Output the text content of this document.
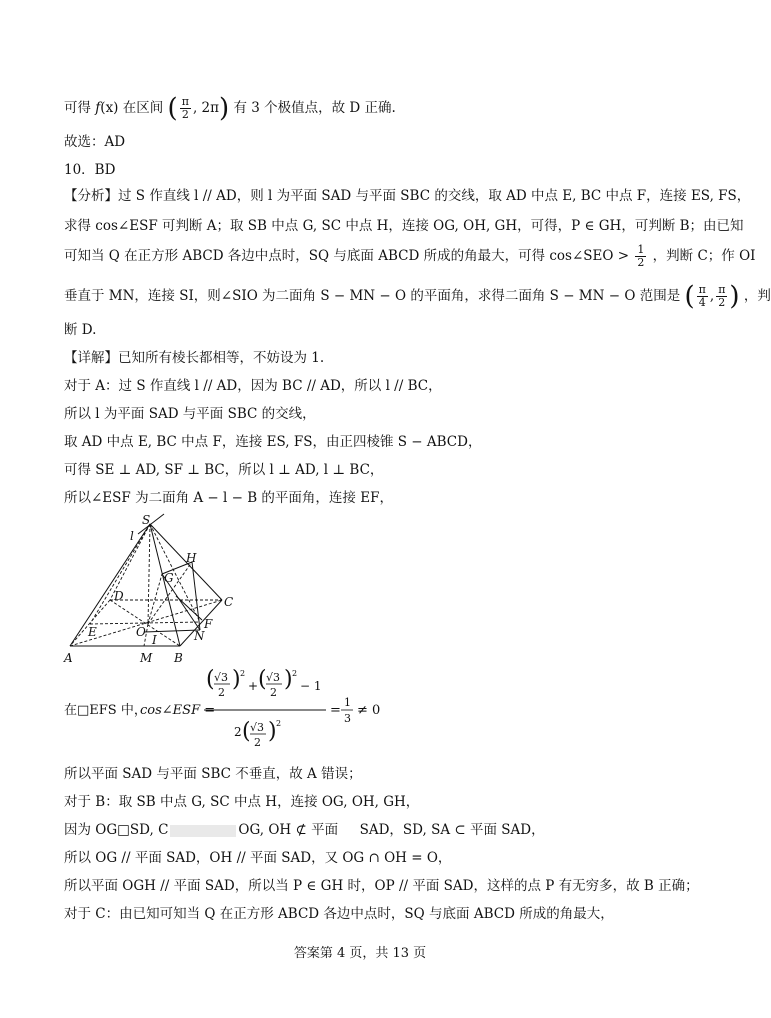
可得 f(x) 在区间 ( $\frac{\pi}{2}$ , 2π) 有 3 个极值点，故 D 正确.
故选：AD
10．BD
【分析】过 S 作直线 l // AD，则 l 为平面 SAD 与平面 SBC 的交线，取 AD 中点 E, BC 中点 F，连接 ES, FS，
求得 cos∠ESF 可判断 A；取 SB 中点 G, SC 中点 H，连接 OG, OH, GH，可得，P ∈ GH，可判断 B；由已知
可知当 Q 在正方形 ABCD 各边中点时，SQ 与底面 ABCD 所成的角最大，可得 cos∠SEO > $\frac{1}{2}$ ，判断 C；作 OI
垂直于 MN，连接 SI，则∠SIO 为二面角 S − MN − O 的平面角，求得二面角 S − MN − O 范围是 ( $\frac{\pi}{4}$ , $\frac{\pi}{2}$ ) ，判
断 D.
【详解】已知所有棱长都相等，不妨设为 1.
对于 A：过 S 作直线 l // AD，因为 BC // AD，所以 l // BC，
所以 l 为平面 SAD 与平面 SBC 的交线，
取 AD 中点 E, BC 中点 F，连接 ES, FS，由正四棱锥 S − ABCD，
可得 SE ⊥ AD, SF ⊥ BC，所以 l ⊥ AD, l ⊥ BC，
所以∠ESF 为二面角 A − l − B 的平面角，连接 EF，
S
l
H
G
D	C
E	O
I
F
N
A	M B
在□EFS 中，
cos∠ESF =
( √3
2
) 2
+ ( √3
2
) 2
− 1
2 ( √3
2 ) 2
=
1
3
≠ 0
所以平面 SAD 与平面 SBC 不垂直，故 A 错误；
对于 B：取 SB 中点 G, SC 中点 H，连接 OG, OH, GH，
因为 OG□SD, C	OG, OH ⊄ 平面 SAD，SD, SA ⊂ 平面 SAD，
所以 OG // 平面 SAD，OH // 平面 SAD，又 OG ∩ OH = O，
所以平面 OGH // 平面 SAD，所以当 P ∈ GH 时，OP // 平面 SAD，这样的点 P 有无穷多，故 B 正确；
对于 C：由已知可知当 Q 在正方形 ABCD 各边中点时，SQ 与底面 ABCD 所成的角最大，
答案第 4 页，共 13 页
